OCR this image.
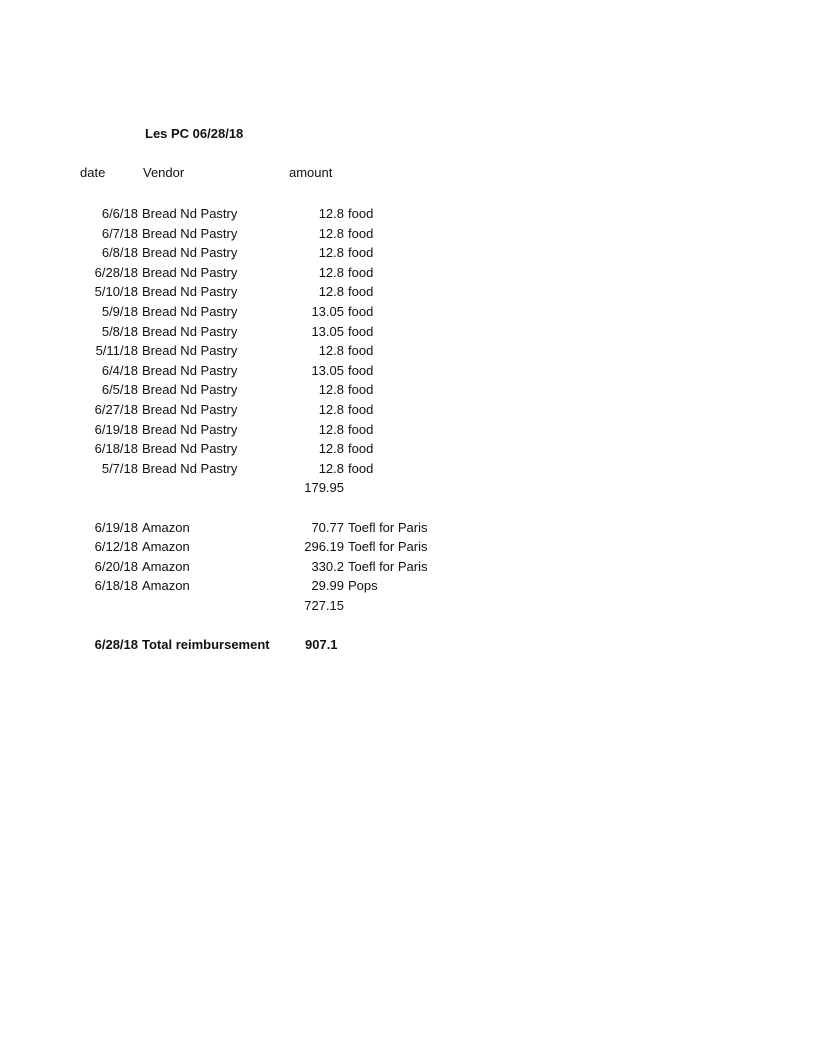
Les PC 06/28/18
date	Vendor	amount
6/6/18 Bread Nd Pastry	12.8 food
6/7/18 Bread Nd Pastry	12.8 food
6/8/18 Bread Nd Pastry	12.8 food
6/28/18 Bread Nd Pastry	12.8 food
5/10/18 Bread Nd Pastry	12.8 food
5/9/18 Bread Nd Pastry	13.05 food
5/8/18 Bread Nd Pastry	13.05 food
5/11/18 Bread Nd Pastry	12.8 food
6/4/18 Bread Nd Pastry	13.05 food
6/5/18 Bread Nd Pastry	12.8 food
6/27/18 Bread Nd Pastry	12.8 food
6/19/18 Bread Nd Pastry	12.8 food
6/18/18 Bread Nd Pastry	12.8 food
5/7/18 Bread Nd Pastry	12.8 food
179.95
6/19/18 Amazon	70.77 Toefl for Paris
6/12/18 Amazon	296.19 Toefl for Paris
6/20/18 Amazon	330.2 Toefl for Paris
6/18/18 Amazon	29.99 Pops
727.15
6/28/18 Total reimbursement	907.1
